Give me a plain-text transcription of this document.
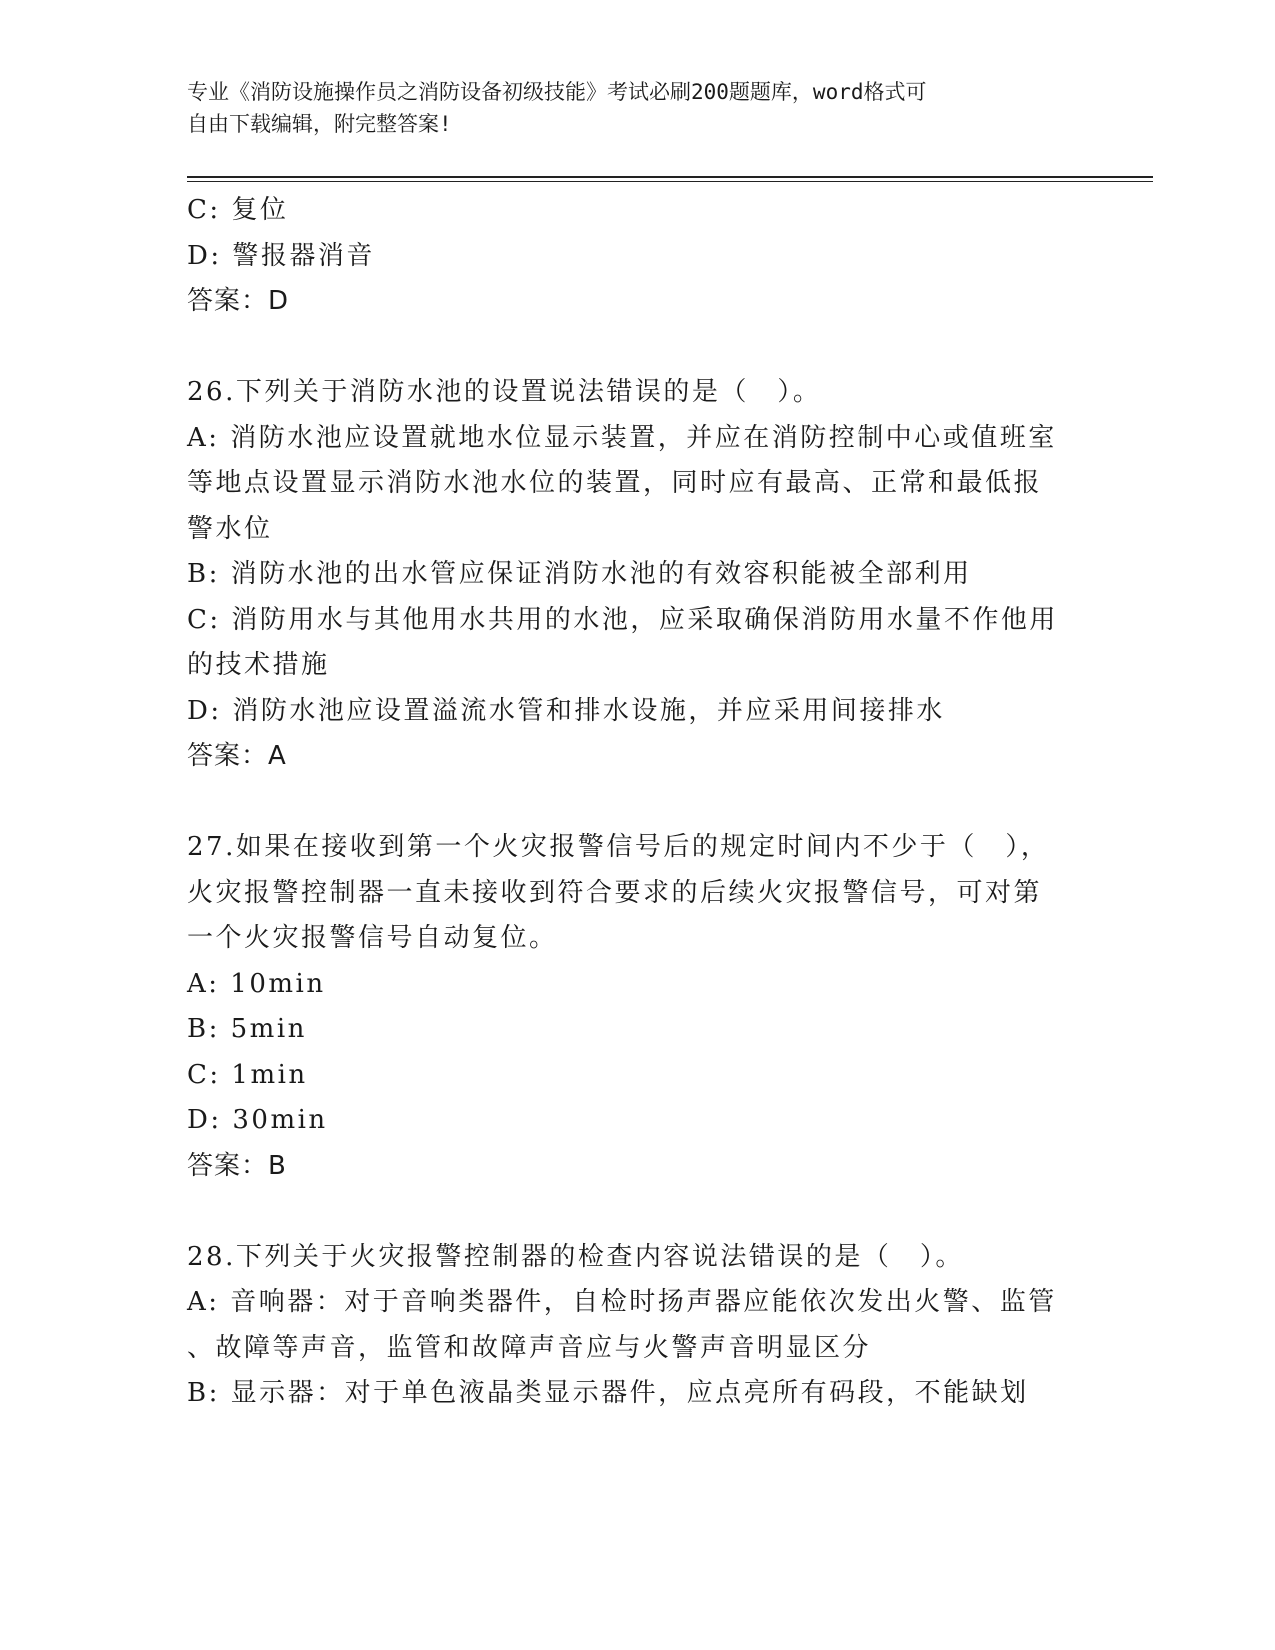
专业《消防设施操作员之消防设备初级技能》考试必刷200题题库，word格式可
自由下载编辑，附完整答案!
C: 复位
D: 警报器消音
答案：D
26.下列关于消防水池的设置说法错误的是（　）。
A: 消防水池应设置就地水位显示装置，并应在消防控制中心或值班室
等地点设置显示消防水池水位的装置，同时应有最高、正常和最低报
警水位
B: 消防水池的出水管应保证消防水池的有效容积能被全部利用
C: 消防用水与其他用水共用的水池，应采取确保消防用水量不作他用
的技术措施
D: 消防水池应设置溢流水管和排水设施，并应采用间接排水
答案：A
27.如果在接收到第一个火灾报警信号后的规定时间内不少于（　），
火灾报警控制器一直未接收到符合要求的后续火灾报警信号，可对第
一个火灾报警信号自动复位。
A: 10min
B: 5min
C: 1min
D: 30min
答案：B
28.下列关于火灾报警控制器的检查内容说法错误的是（　）。
A: 音响器：对于音响类器件，自检时扬声器应能依次发出火警、监管
、故障等声音，监管和故障声音应与火警声音明显区分
B: 显示器：对于单色液晶类显示器件，应点亮所有码段，不能缺划
